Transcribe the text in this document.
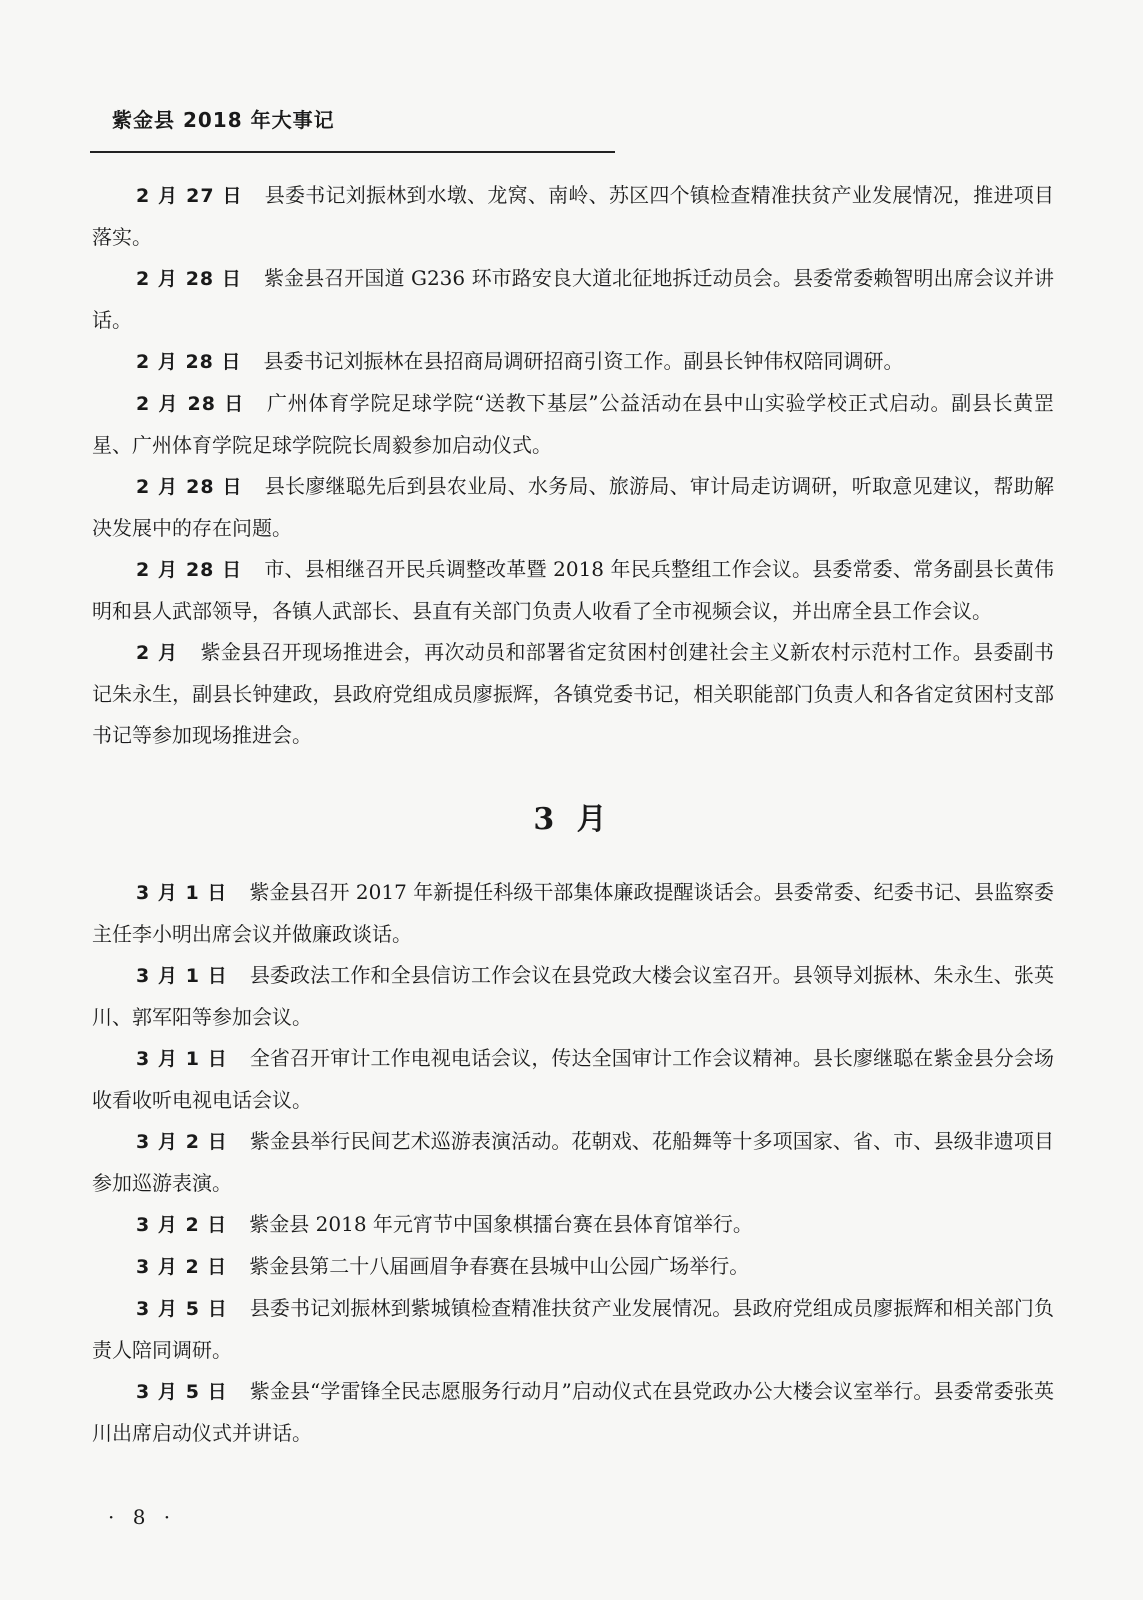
紫金县 2018 年大事记

2 月 27 日 县委书记刘振林到水墩、龙窝、南岭、苏区四个镇检查精准扶贫产业发展情况，推进项目落实。

2 月 28 日 紫金县召开国道 G236 环市路安良大道北征地拆迁动员会。县委常委赖智明出席会议并讲话。

2 月 28 日 县委书记刘振林在县招商局调研招商引资工作。副县长钟伟权陪同调研。

2 月 28 日 广州体育学院足球学院“送教下基层”公益活动在县中山实验学校正式启动。副县长黄罡星、广州体育学院足球学院院长周毅参加启动仪式。

2 月 28 日 县长廖继聪先后到县农业局、水务局、旅游局、审计局走访调研，听取意见建议，帮助解决发展中的存在问题。

2 月 28 日 市、县相继召开民兵调整改革暨 2018 年民兵整组工作会议。县委常委、常务副县长黄伟明和县人武部领导，各镇人武部长、县直有关部门负责人收看了全市视频会议，并出席全县工作会议。

2 月 紫金县召开现场推进会，再次动员和部署省定贫困村创建社会主义新农村示范村工作。县委副书记朱永生，副县长钟建政，县政府党组成员廖振辉，各镇党委书记，相关职能部门负责人和各省定贫困村支部书记等参加现场推进会。

3 月

3 月 1 日 紫金县召开 2017 年新提任科级干部集体廉政提醒谈话会。县委常委、纪委书记、县监察委主任李小明出席会议并做廉政谈话。

3 月 1 日 县委政法工作和全县信访工作会议在县党政大楼会议室召开。县领导刘振林、朱永生、张英川、郭军阳等参加会议。

3 月 1 日 全省召开审计工作电视电话会议，传达全国审计工作会议精神。县长廖继聪在紫金县分会场收看收听电视电话会议。

3 月 2 日 紫金县举行民间艺术巡游表演活动。花朝戏、花船舞等十多项国家、省、市、县级非遗项目参加巡游表演。

3 月 2 日 紫金县 2018 年元宵节中国象棋擂台赛在县体育馆举行。

3 月 2 日 紫金县第二十八届画眉争春赛在县城中山公园广场举行。

3 月 5 日 县委书记刘振林到紫城镇检查精准扶贫产业发展情况。县政府党组成员廖振辉和相关部门负责人陪同调研。

3 月 5 日 紫金县“学雷锋全民志愿服务行动月”启动仪式在县党政办公大楼会议室举行。县委常委张英川出席启动仪式并讲话。

· 8 ·
